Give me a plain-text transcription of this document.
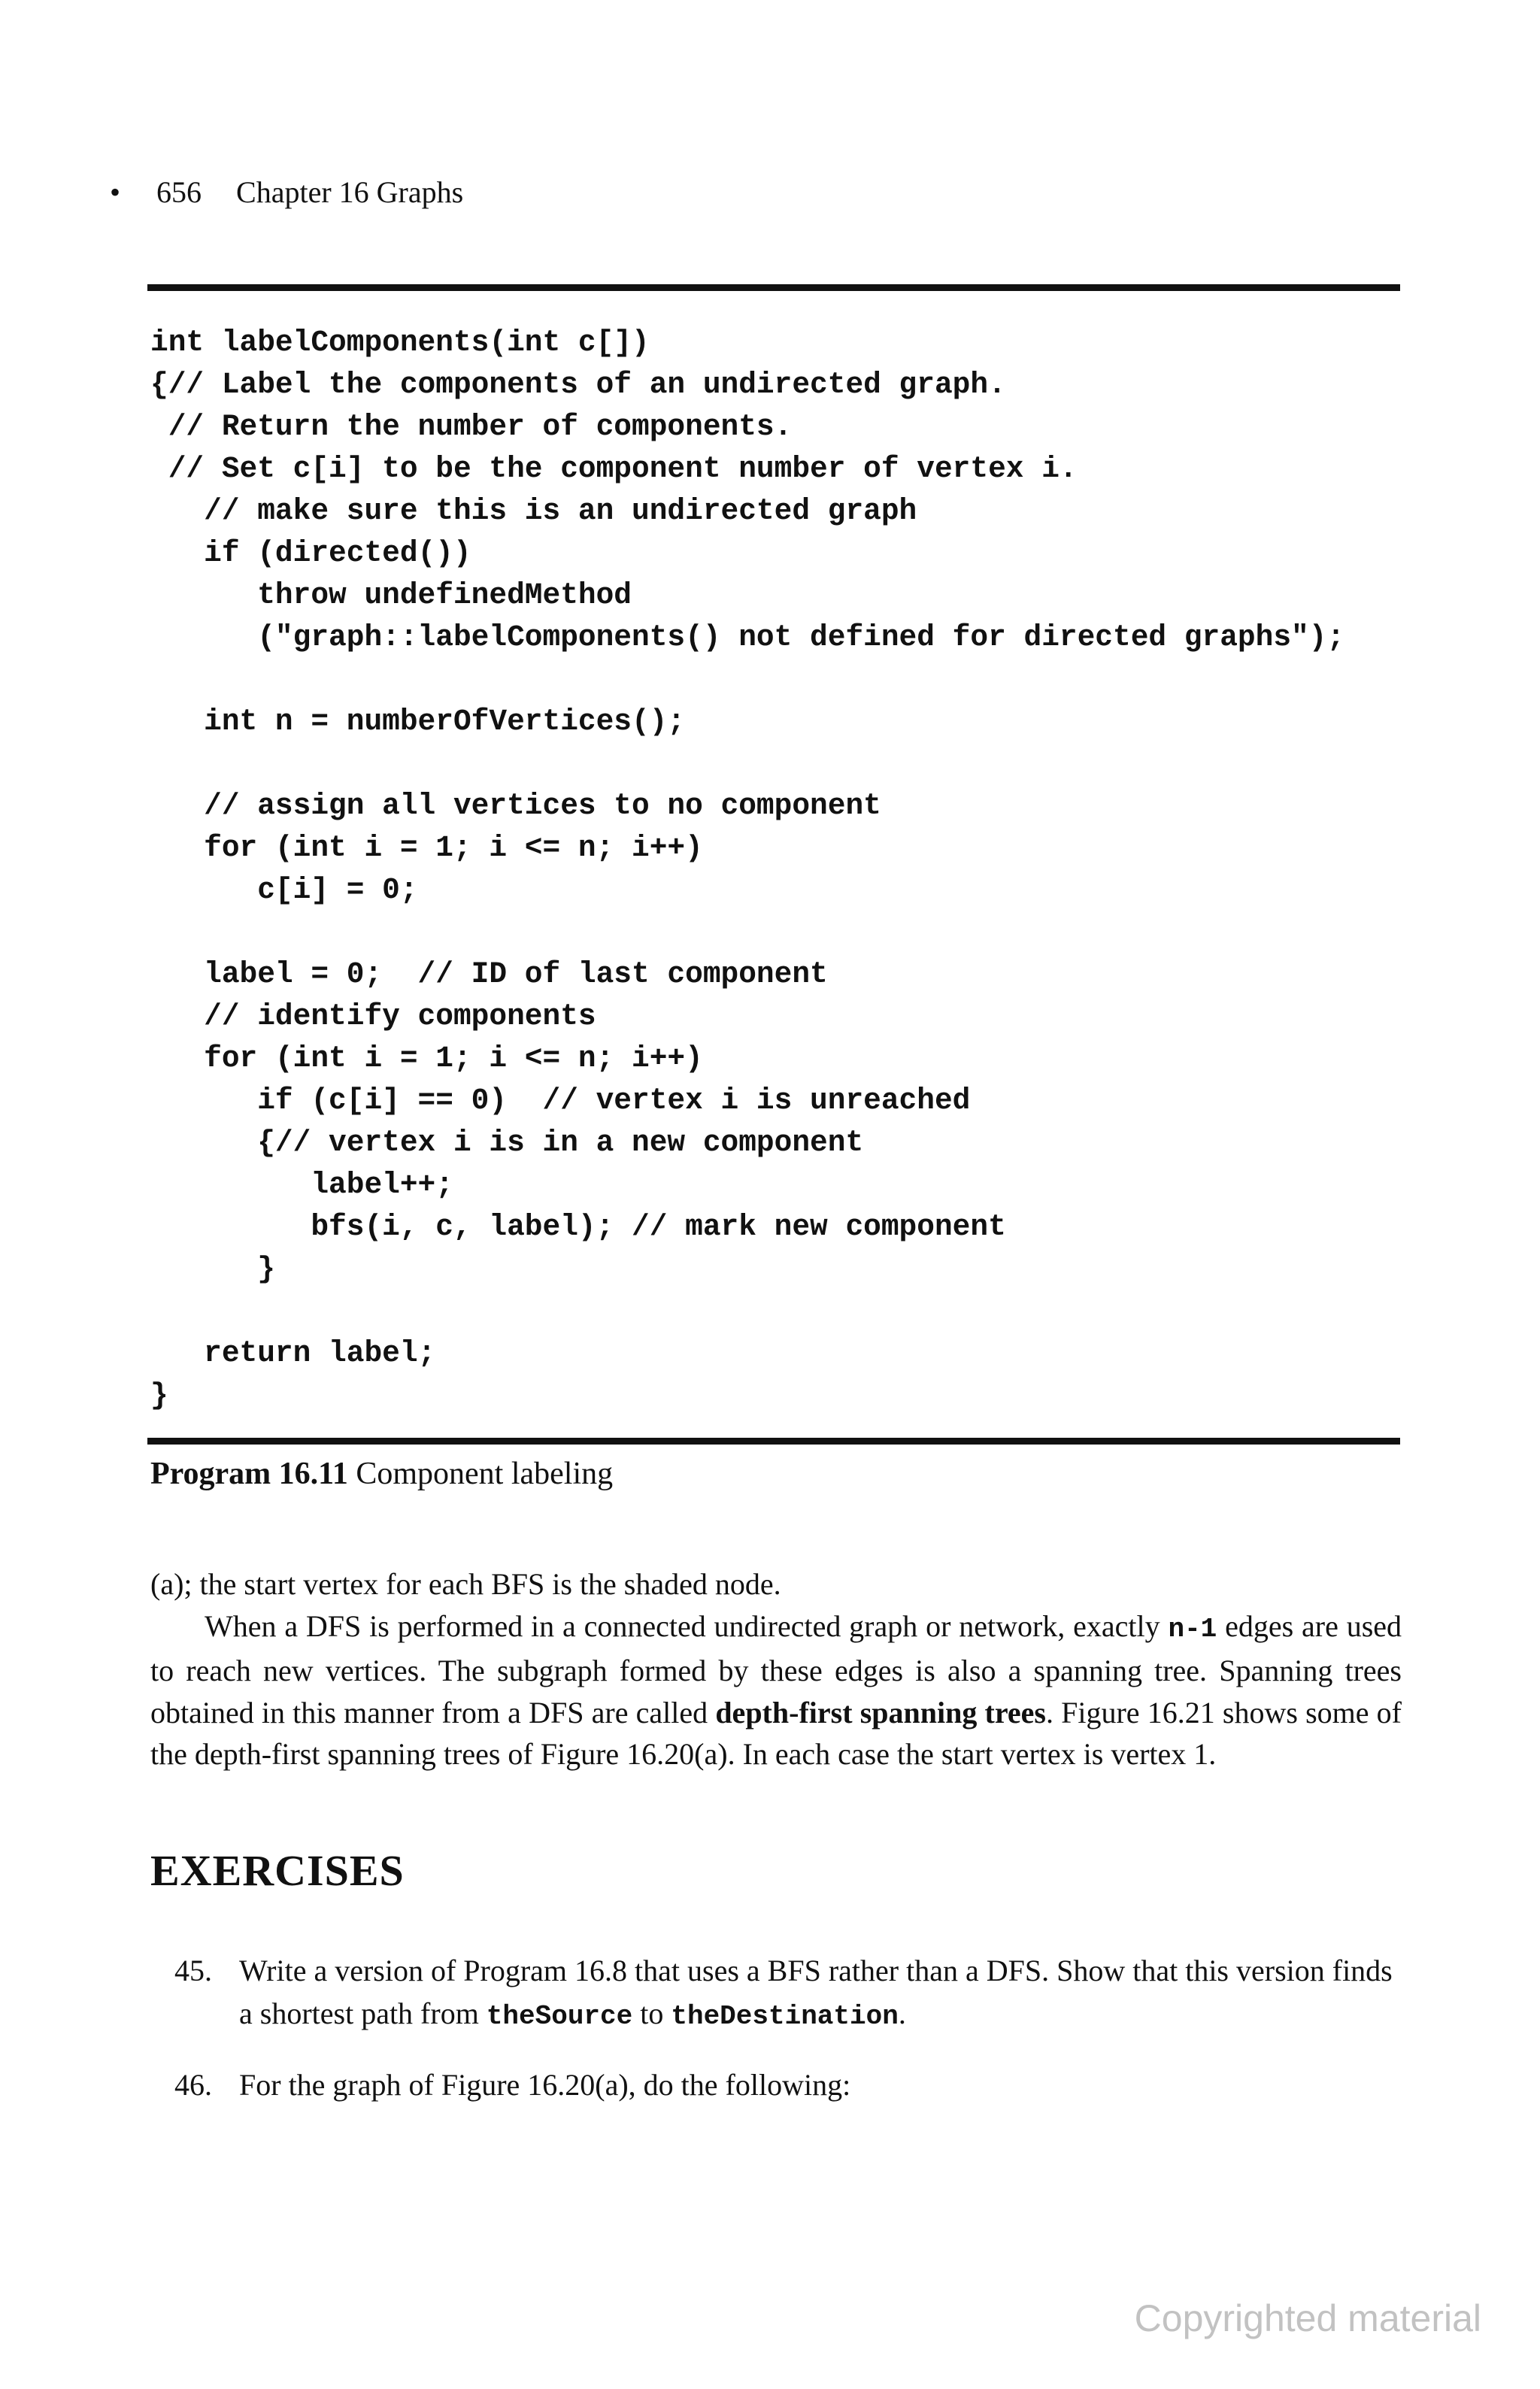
• 656 Chapter 16 Graphs
int labelComponents(int c[])
{// Label the components of an undirected graph.
// Return the number of components.
// Set c[i] to be the component number of vertex i.
// make sure this is an undirected graph
if (directed())
throw undefinedMethod
("graph::labelComponents() not defined for directed graphs");
int n = numberOfVertices();
// assign all vertices to no component
for (int i = 1; i <= n; i++)
c[i] = 0;
label = 0;  // ID of last component
// identify components
for (int i = 1; i <= n; i++)
if (c[i] == 0)  // vertex i is unreached
{// vertex i is in a new component
label++;
bfs(i, c, label); // mark new component
}
return label;
}
Program 16.11 Component labeling

(a); the start vertex for each BFS is the shaded node.

When a DFS is performed in a connected undirected graph or network, exactly n-1 edges are used to reach new vertices. The subgraph formed by these edges is also a spanning tree. Spanning trees obtained in this manner from a DFS are called depth-first spanning trees. Figure 16.21 shows some of the depth-first spanning trees of Figure 16.20(a). In each case the start vertex is vertex 1.

EXERCISES
45. Write a version of Program 16.8 that uses a BFS rather than a DFS. Show that this version finds a shortest path from theSource to theDestination.
46. For the graph of Figure 16.20(a), do the following:
Copyrighted material
